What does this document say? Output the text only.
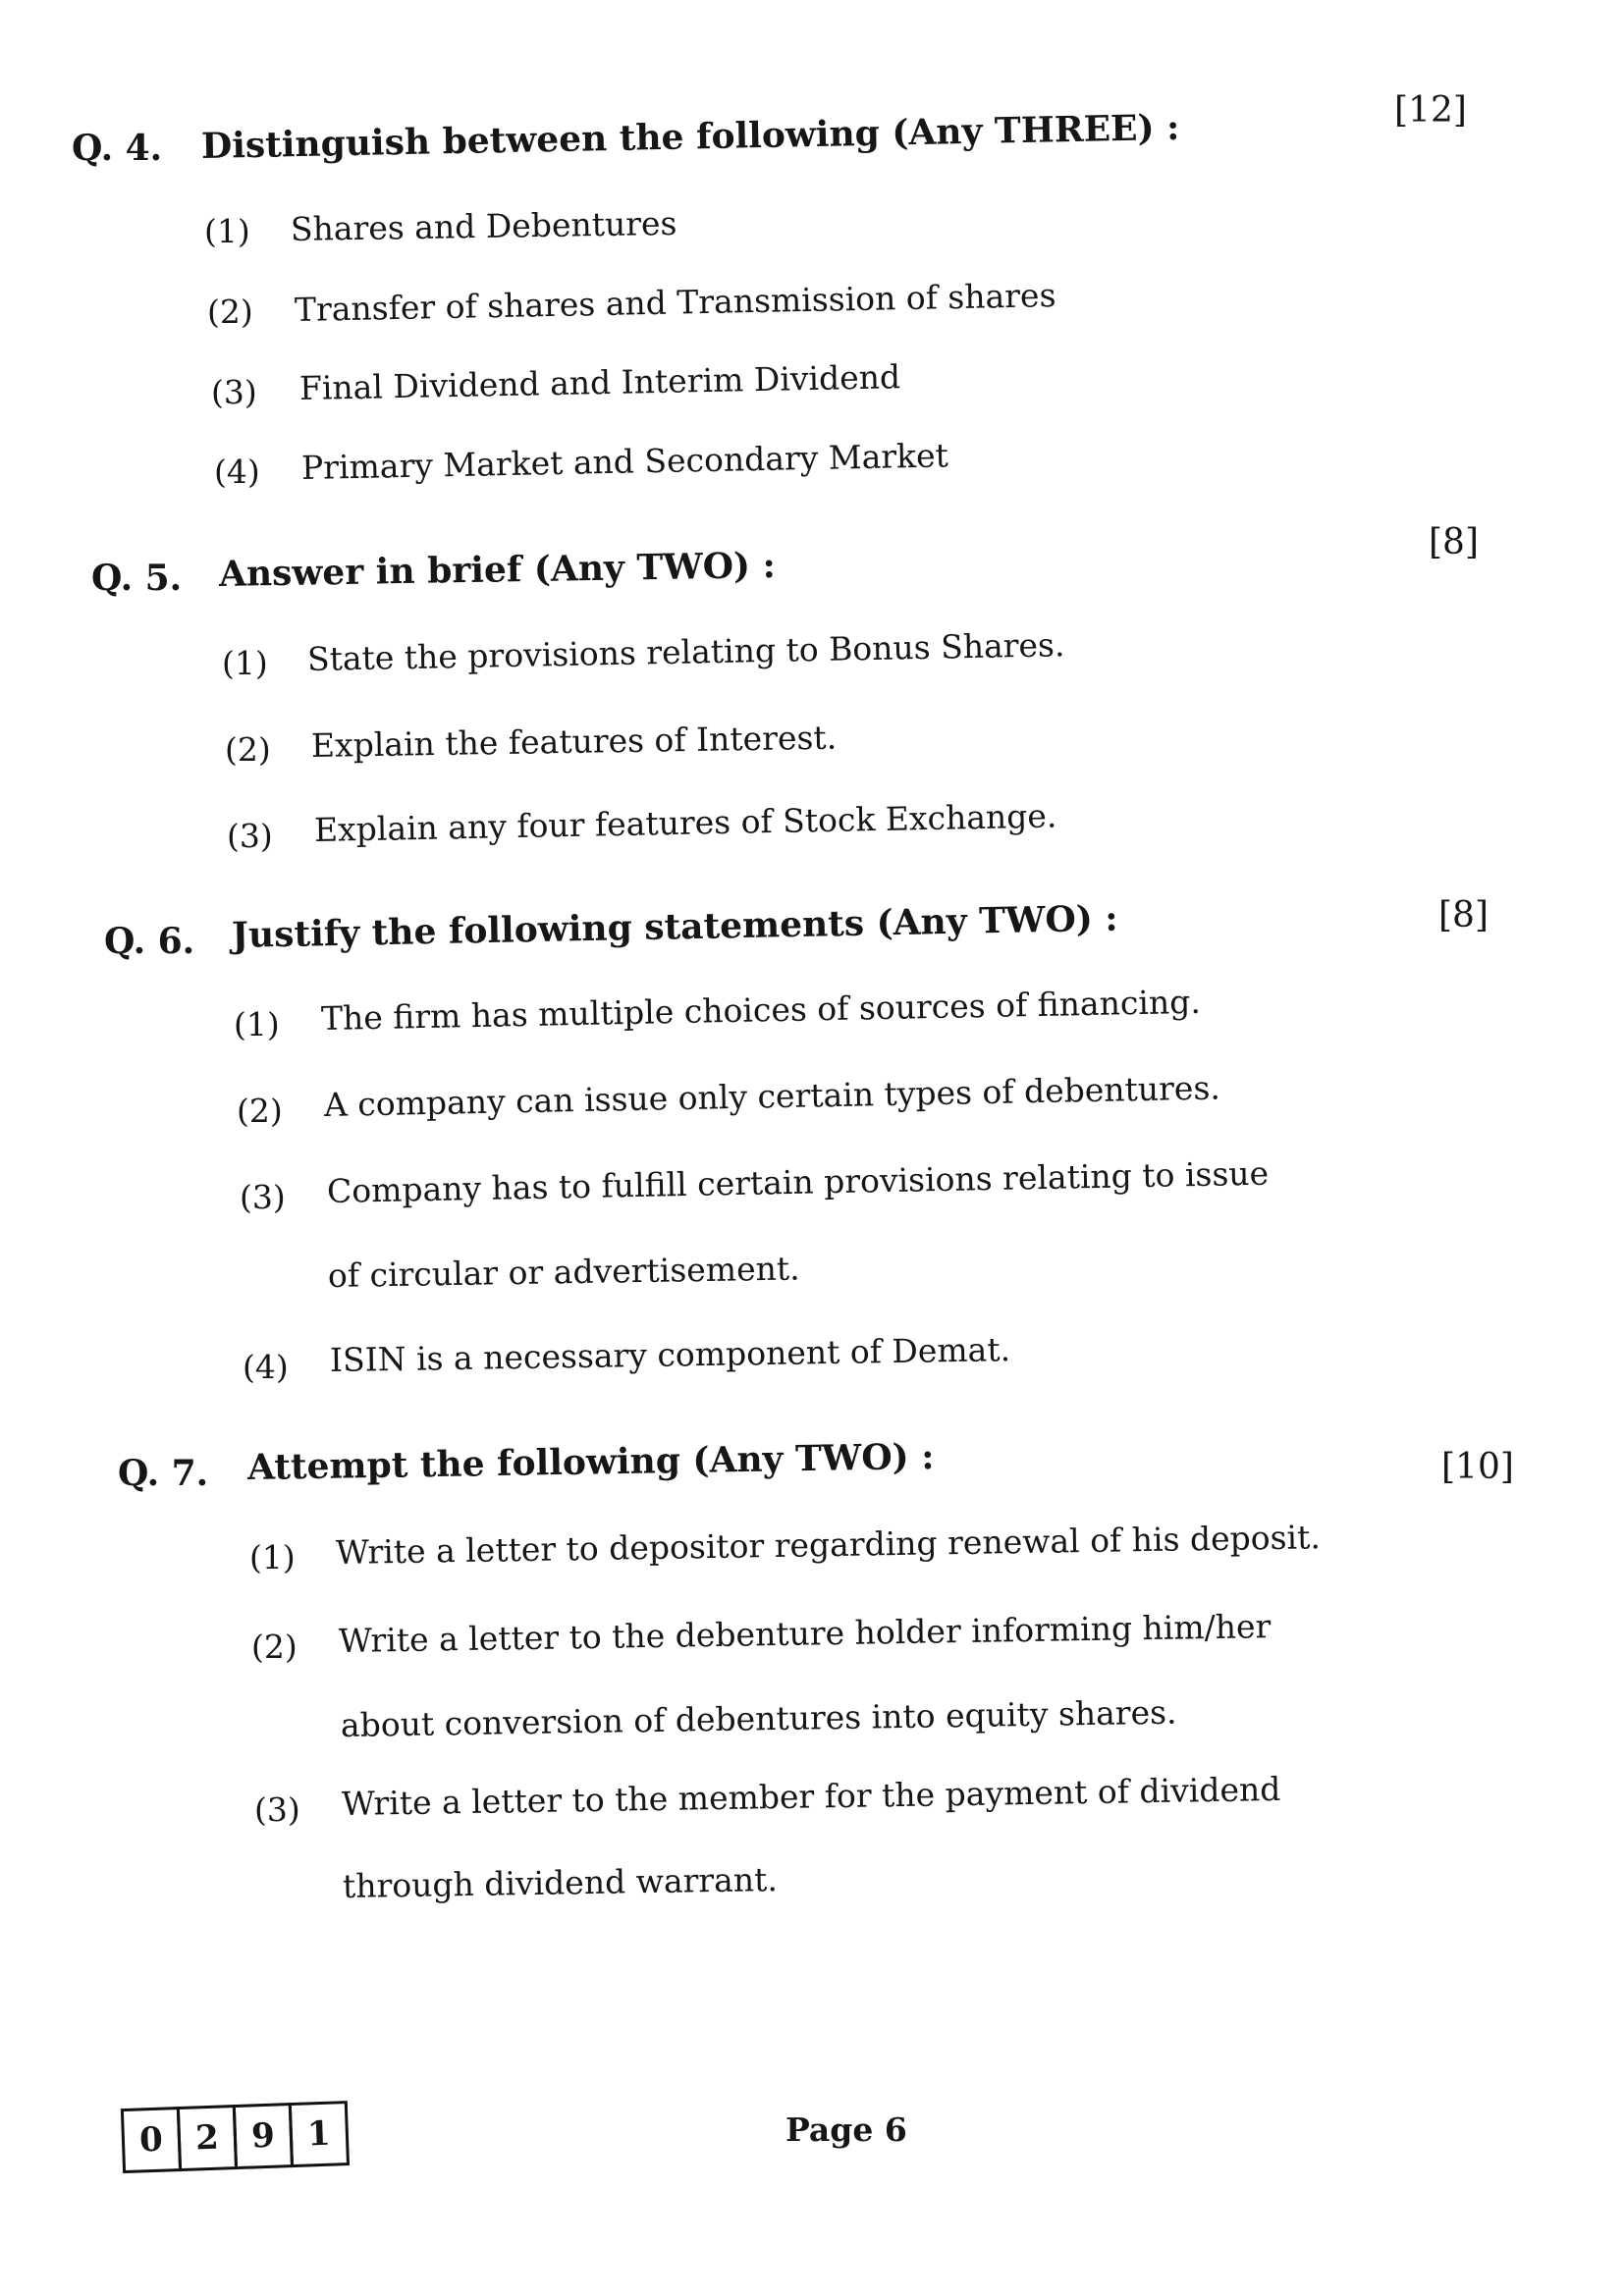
Q. 4. Distinguish between the following (Any THREE) :	[12]
(1) Shares and Debentures
(2) Transfer of shares and Transmission of shares
(3) Final Dividend and Interim Dividend
(4) Primary Market and Secondary Market
Q. 5. Answer in brief (Any TWO) :
[8]
(1) State the provisions relating to Bonus Shares.
(2) Explain the features of Interest.
(3) Explain any four features of Stock Exchange.
Q. 6. Justify the following statements (Any TWO) :	[8]
(1) The firm has multiple choices of sources of financing.
(2) A company can issue only certain types of debentures.
(3) Company has to fulfill certain provisions relating to issue
of circular or advertisement.
(4) ISIN is a necessary component of Demat.
Q. 7. Attempt the following (Any TWO) :	[10]
(1) Write a letter to depositor regarding renewal of his deposit.
(2) Write a letter to the debenture holder informing him/her
about conversion of debentures into equity shares.
(3) Write a letter to the member for the payment of dividend
through dividend warrant.
0 2 9 1	Page 6
